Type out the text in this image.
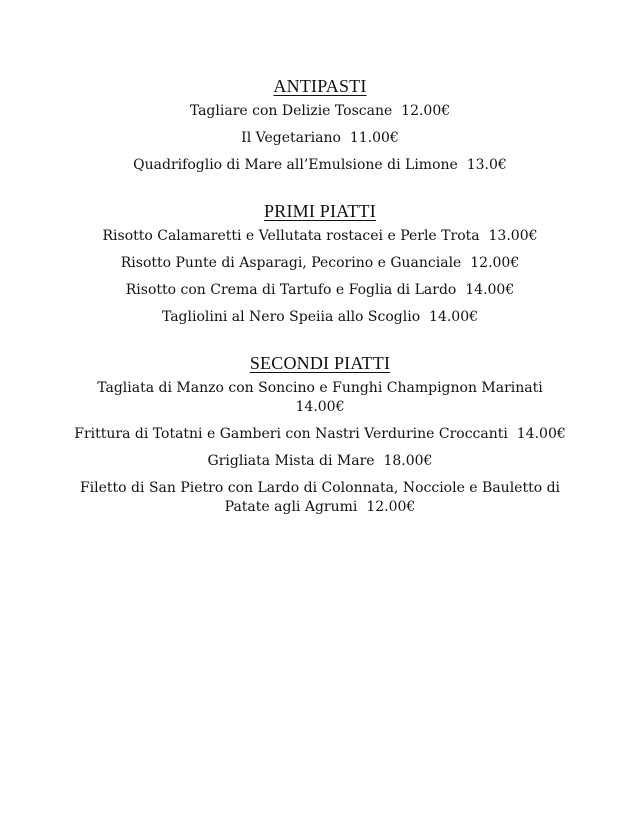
ANTIPASTI

Tagliare con Delizie Toscane 12.00€

Il Vegetariano 11.00€

Quadrifoglio di Mare all’Emulsione di Limone 13.0€

PRIMI PIATTI

Risotto Calamaretti e Vellutata rostacei e Perle Trota 13.00€

Risotto Punte di Asparagi, Pecorino e Guanciale 12.00€

Risotto con Crema di Tartufo e Foglia di Lardo 14.00€

Tagliolini al Nero Speiia allo Scoglio 14.00€

SECONDI PIATTI

Tagliata di Manzo con Soncino e Funghi Champignon Marinati
14.00€

Frittura di Totatni e Gamberi con Nastri Verdurine Croccanti 14.00€

Grigliata Mista di Mare 18.00€

Filetto di San Pietro con Lardo di Colonnata, Nocciole e Bauletto di Patate agli Agrumi 12.00€
